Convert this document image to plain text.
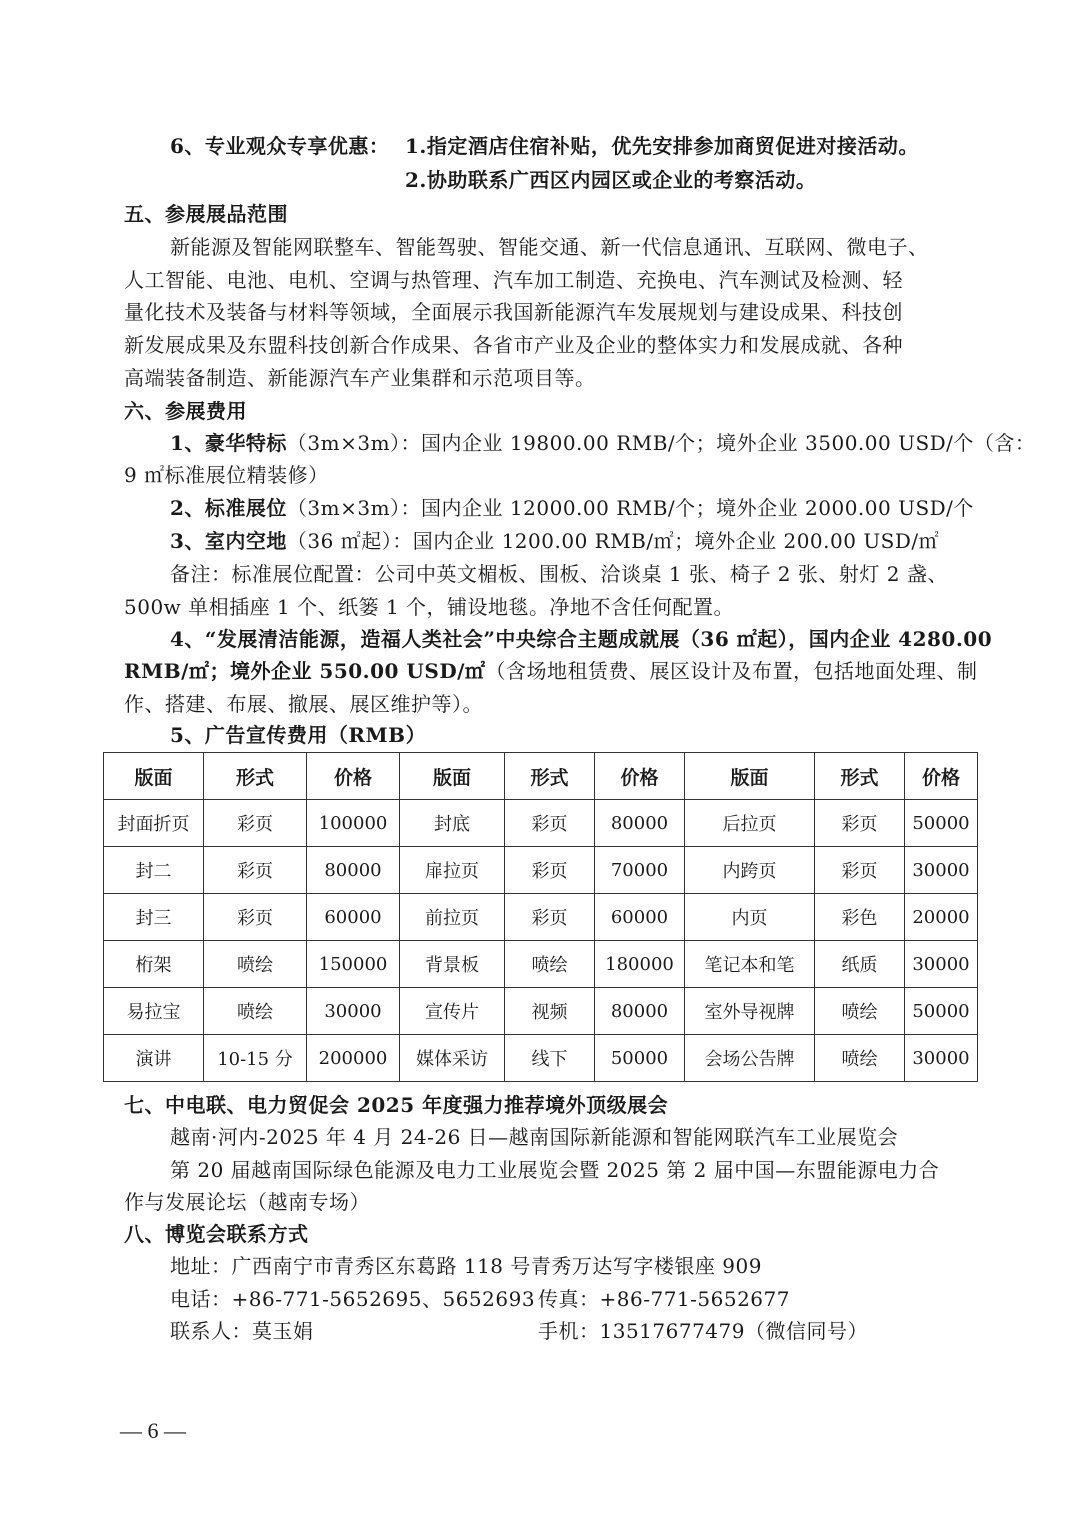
6、专业观众专享优惠： 1.指定酒店住宿补贴，优先安排参加商贸促进对接活动。
2.协助联系广西区内园区或企业的考察活动。
五、参展展品范围
新能源及智能网联整车、智能驾驶、智能交通、新一代信息通讯、互联网、微电子、
人工智能、电池、电机、空调与热管理、汽车加工制造、充换电、汽车测试及检测、轻
量化技术及装备与材料等领域，全面展示我国新能源汽车发展规划与建设成果、科技创
新发展成果及东盟科技创新合作成果、各省市产业及企业的整体实力和发展成就、各种
高端装备制造、新能源汽车产业集群和示范项目等。
六、参展费用
1、豪华特标（3m×3m）：国内企业 19800.00 RMB/个；境外企业 3500.00 USD/个（含：
9 ㎡标准展位精装修）
2、标准展位（3m×3m）：国内企业 12000.00 RMB/个；境外企业 2000.00 USD/个
3、室内空地（36 ㎡起）：国内企业 1200.00 RMB/㎡；境外企业 200.00 USD/㎡
备注：标准展位配置：公司中英文楣板、围板、洽谈桌 1 张、椅子 2 张、射灯 2 盏、
500w 单相插座 1 个、纸篓 1 个，铺设地毯。净地不含任何配置。
4、“发展清洁能源，造福人类社会”中央综合主题成就展（36 ㎡起），国内企业 4280.00
RMB/㎡；境外企业 550.00 USD/㎡（含场地租赁费、展区设计及布置，包括地面处理、制
作、搭建、布展、撤展、展区维护等）。
5、广告宣传费用（RMB）
版面	形式	价格	版面	形式	价格	版面	形式	价格
封面折页	彩页	100000	封底	彩页	80000	后拉页	彩页	50000
封二	彩页	80000	扉拉页	彩页	70000	内跨页	彩页	30000
封三	彩页	60000	前拉页	彩页	60000	内页	彩色	20000
桁架	喷绘	150000	背景板	喷绘	180000	笔记本和笔	纸质	30000
易拉宝	喷绘	30000	宣传片	视频	80000	室外导视牌	喷绘	50000
演讲	10-15 分	200000	媒体采访	线下	50000	会场公告牌	喷绘	30000
七、中电联、电力贸促会 2025 年度强力推荐境外顶级展会
越南·河内-2025 年 4 月 24-26 日—越南国际新能源和智能网联汽车工业展览会
第 20 届越南国际绿色能源及电力工业展览会暨 2025 第 2 届中国—东盟能源电力合
作与发展论坛（越南专场）
八、博览会联系方式
地址：广西南宁市青秀区东葛路 118 号青秀万达写字楼银座 909
电话：+86-771-5652695、5652693 传真：+86-771-5652677
联系人：莫玉娟	手机：13517677479（微信同号）
— 6 —
